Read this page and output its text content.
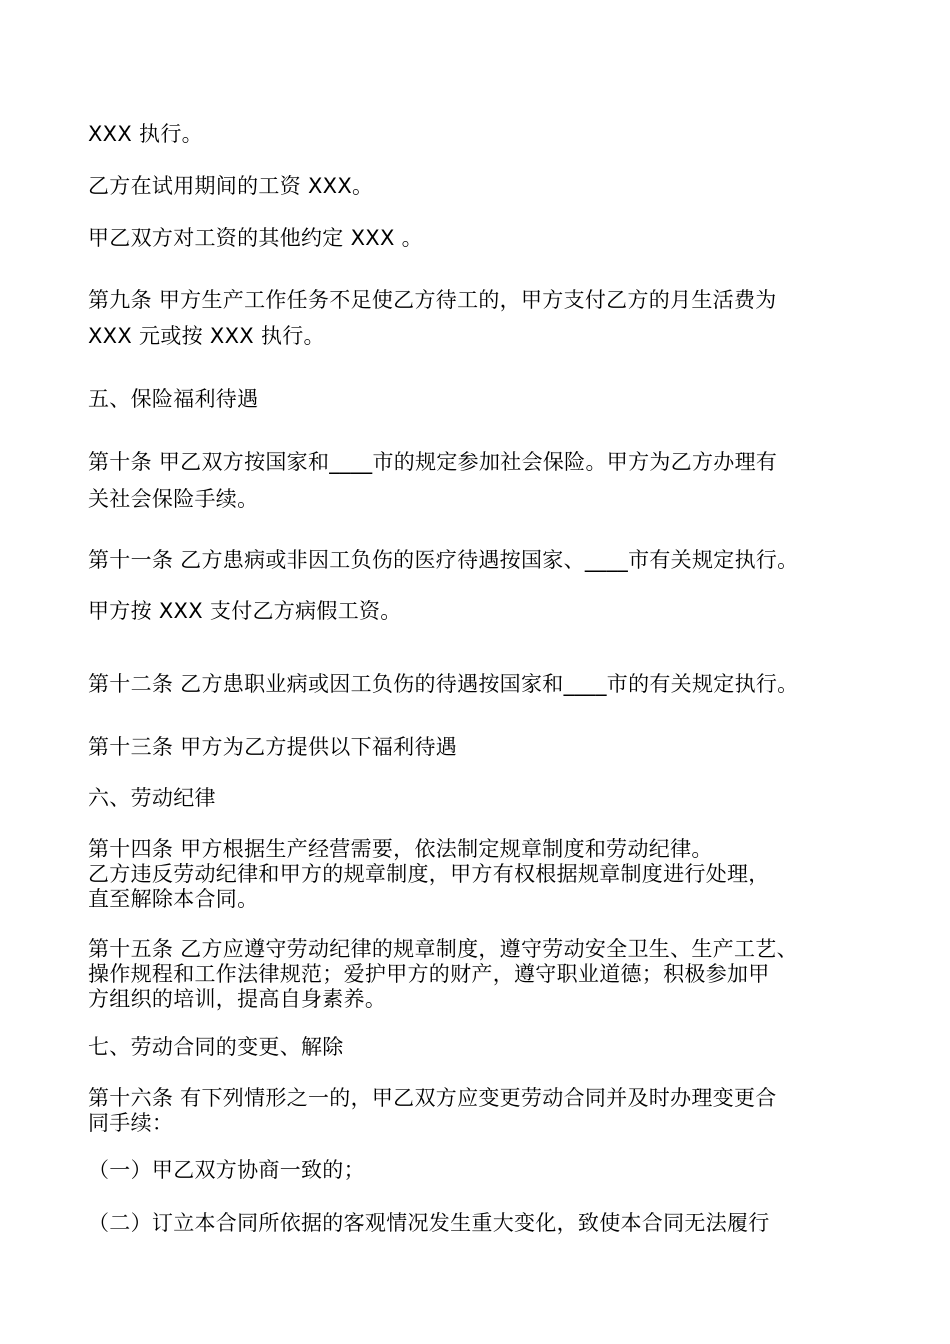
XXX 执行。

乙方在试用期间的工资 XXX。

甲乙双方对工资的其他约定 XXX 。

第九条 甲方生产工作任务不足使乙方待工的，甲方支付乙方的月生活费为

XXX 元或按 XXX 执行。

五、保险福利待遇

第十条 甲乙双方按国家和____市的规定参加社会保险。甲方为乙方办理有

关社会保险手续。

第十一条 乙方患病或非因工负伤的医疗待遇按国家、____市有关规定执行。

甲方按 XXX 支付乙方病假工资。

第十二条 乙方患职业病或因工负伤的待遇按国家和____市的有关规定执行。

第十三条 甲方为乙方提供以下福利待遇

六、劳动纪律

第十四条 甲方根据生产经营需要，依法制定规章制度和劳动纪律。

乙方违反劳动纪律和甲方的规章制度，甲方有权根据规章制度进行处理，

直至解除本合同。

第十五条 乙方应遵守劳动纪律的规章制度，遵守劳动安全卫生、生产工艺、

操作规程和工作法律规范；爱护甲方的财产，遵守职业道德；积极参加甲

方组织的培训，提高自身素养。

七、劳动合同的变更、解除

第十六条 有下列情形之一的，甲乙双方应变更劳动合同并及时办理变更合

同手续：

（一）甲乙双方协商一致的；

（二）订立本合同所依据的客观情况发生重大变化，致使本合同无法履行
